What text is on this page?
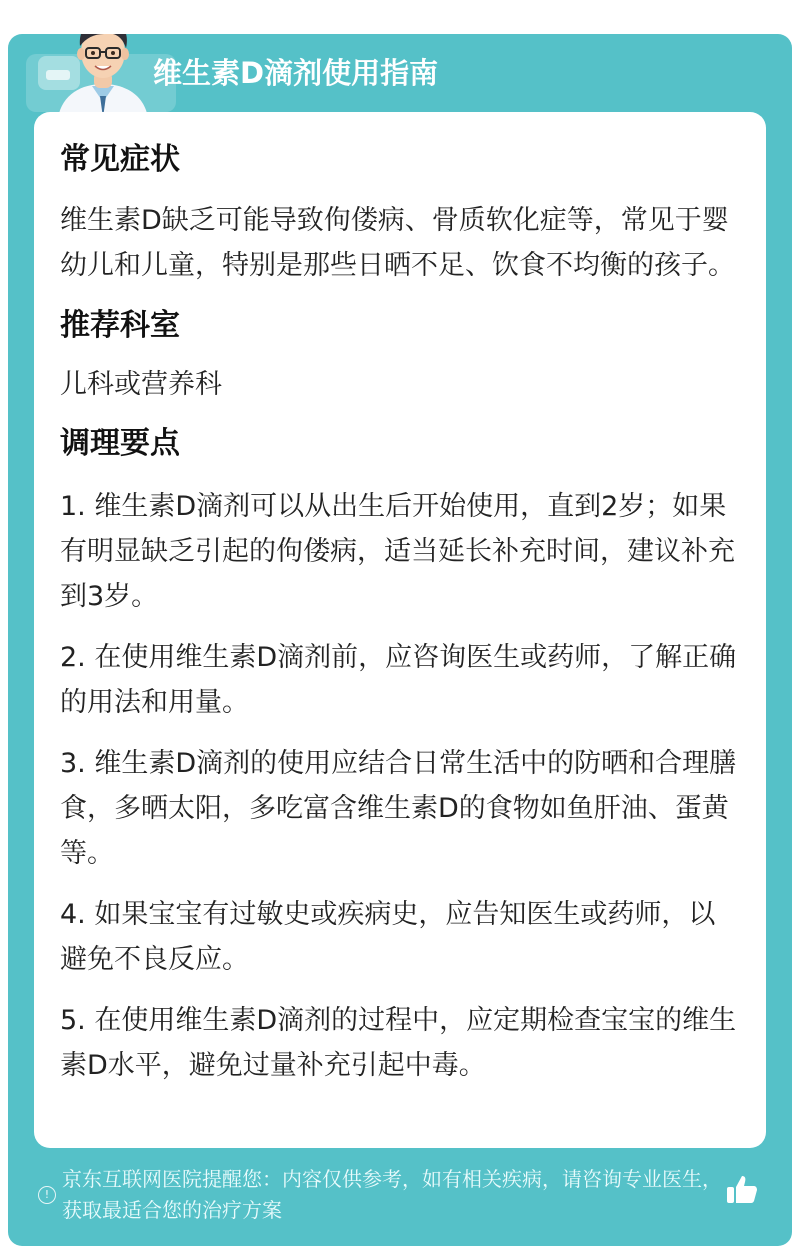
维生素D滴剂使用指南
常见症状

维生素D缺乏可能导致佝偻病、骨质软化症等，常见于婴幼儿和儿童，特别是那些日晒不足、饮食不均衡的孩子。

推荐科室

儿科或营养科

调理要点

1. 维生素D滴剂可以从出生后开始使用，直到2岁；如果有明显缺乏引起的佝偻病，适当延长补充时间，建议补充到3岁。

2. 在使用维生素D滴剂前，应咨询医生或药师，了解正确的用法和用量。

3. 维生素D滴剂的使用应结合日常生活中的防晒和合理膳食，多晒太阳，多吃富含维生素D的食物如鱼肝油、蛋黄等。

4. 如果宝宝有过敏史或疾病史，应告知医生或药师，以避免不良反应。

5. 在使用维生素D滴剂的过程中，应定期检查宝宝的维生素D水平，避免过量补充引起中毒。

!
京东互联网医院提醒您：内容仅供参考，如有相关疾病，请咨询专业医生，获取最适合您的治疗方案
